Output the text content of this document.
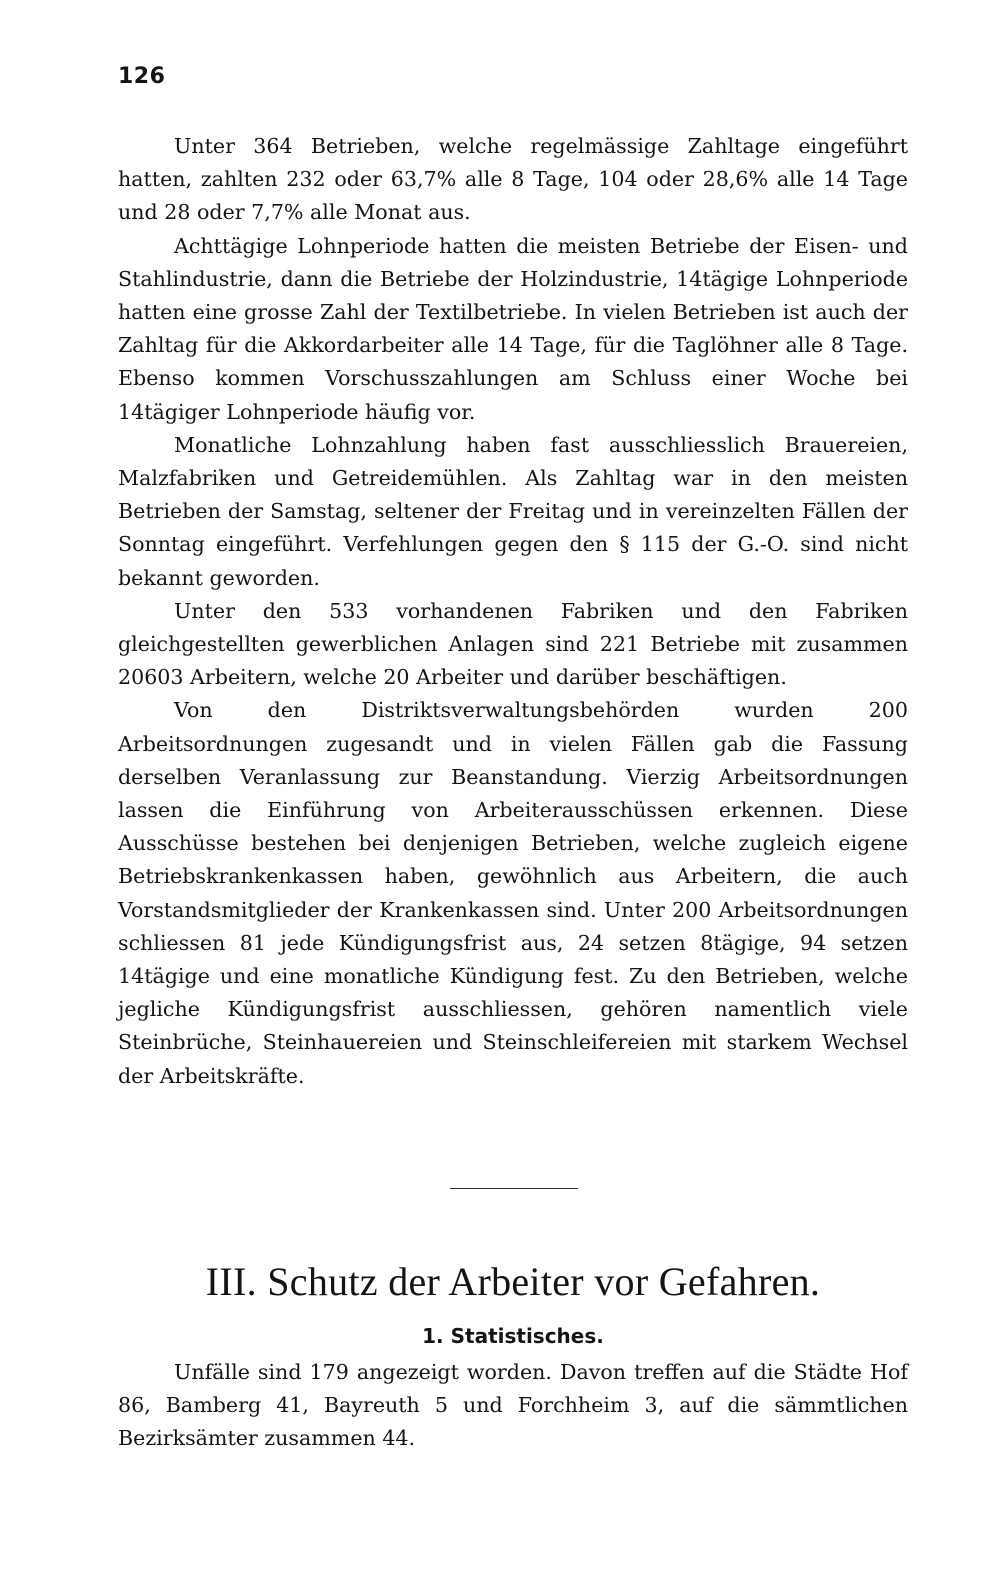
126

Unter 364 Betrieben, welche regelmässige Zahltage eingeführt hatten, zahlten 232 oder 63,7% alle 8 Tage, 104 oder 28,6% alle 14 Tage und 28 oder 7,7% alle Monat aus.

Achttägige Lohnperiode hatten die meisten Betriebe der Eisen- und Stahlindustrie, dann die Betriebe der Holzindustrie, 14tägige Lohnperiode hatten eine grosse Zahl der Textilbetriebe. In vielen Betrieben ist auch der Zahltag für die Akkordarbeiter alle 14 Tage, für die Taglöhner alle 8 Tage. Ebenso kommen Vorschusszahlungen am Schluss einer Woche bei 14tägiger Lohnperiode häufig vor.

Monatliche Lohnzahlung haben fast ausschliesslich Brauereien, Malzfabriken und Getreidemühlen. Als Zahltag war in den meisten Betrieben der Samstag, seltener der Freitag und in vereinzelten Fällen der Sonntag eingeführt. Verfehlungen gegen den § 115 der G.-O. sind nicht bekannt geworden.

Unter den 533 vorhandenen Fabriken und den Fabriken gleichgestellten gewerblichen Anlagen sind 221 Betriebe mit zusammen 20603 Arbeitern, welche 20 Arbeiter und darüber beschäftigen.

Von den Distriktsverwaltungsbehörden wurden 200 Arbeitsordnungen zugesandt und in vielen Fällen gab die Fassung derselben Veranlassung zur Beanstandung. Vierzig Arbeitsordnungen lassen die Einführung von Arbeiterausschüssen erkennen. Diese Ausschüsse bestehen bei denjenigen Betrieben, welche zugleich eigene Betriebskrankenkassen haben, gewöhnlich aus Arbeitern, die auch Vorstandsmitglieder der Krankenkassen sind. Unter 200 Arbeitsordnungen schliessen 81 jede Kündigungsfrist aus, 24 setzen 8tägige, 94 setzen 14tägige und eine monatliche Kündigung fest. Zu den Betrieben, welche jegliche Kündigungsfrist ausschliessen, gehören namentlich viele Steinbrüche, Steinhauereien und Steinschleifereien mit starkem Wechsel der Arbeitskräfte.

III. Schutz der Arbeiter vor Gefahren.
1. Statistisches.

Unfälle sind 179 angezeigt worden. Davon treffen auf die Städte Hof 86, Bamberg 41, Bayreuth 5 und Forchheim 3, auf die sämmtlichen Bezirksämter zusammen 44.
